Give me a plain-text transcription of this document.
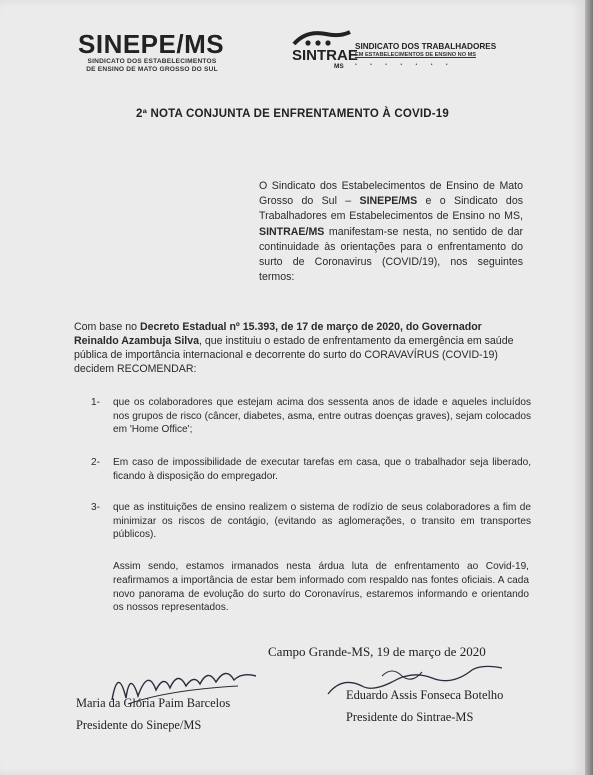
SINEPE/MS
SINDICATO DOS ESTABELECIMENTOS
DE ENSINO DE MATO GROSSO DO SUL
SINTRAE
MS
SINDICATO DOS TRABALHADORES
EM ESTABELECIMENTOS DE ENSINO NO MS
• • • • • • •
2ª NOTA CONJUNTA DE ENFRENTAMENTO À COVID-19
O Sindicato dos Estabelecimentos de Ensino de Mato Grosso do Sul – SINEPE/MS e o Sindicato dos Trabalhadores em Estabelecimentos de Ensino no MS, SINTRAE/MS manifestam-se nesta, no sentido de dar continuidade às orientações para o enfrentamento do surto de Coronavirus (COVID/19), nos seguintes termos:
Com base no Decreto Estadual nº 15.393, de 17 de março de 2020, do Governador Reinaldo Azambuja Silva, que instituiu o estado de enfrentamento da emergência em saúde pública de importância internacional e decorrente do surto do CORAVAVÍRUS (COVID-19) decidem RECOMENDAR:
1- que os colaboradores que estejam acima dos sessenta anos de idade e aqueles incluídos nos grupos de risco (câncer, diabetes, asma, entre outras doenças graves), sejam colocados em 'Home Office';
2- Em caso de impossibilidade de executar tarefas em casa, que o trabalhador seja liberado, ficando à disposição do empregador.
3- que as instituições de ensino realizem o sistema de rodízio de seus colaboradores a fim de minimizar os riscos de contágio, (evitando as aglomerações, o transito em transportes públicos).
Assim sendo, estamos irmanados nesta árdua luta de enfrentamento ao Covid-19, reafirmamos a importância de estar bem informado com respaldo nas fontes oficiais. A cada novo panorama de evolução do surto do Coronavírus, estaremos informando e orientando os nossos representados.
Campo Grande-MS, 19 de março de 2020
Maria da Glória Paim Barcelos
Presidente do Sinepe/MS
Eduardo Assis Fonseca Botelho
Presidente do Sintrae-MS
